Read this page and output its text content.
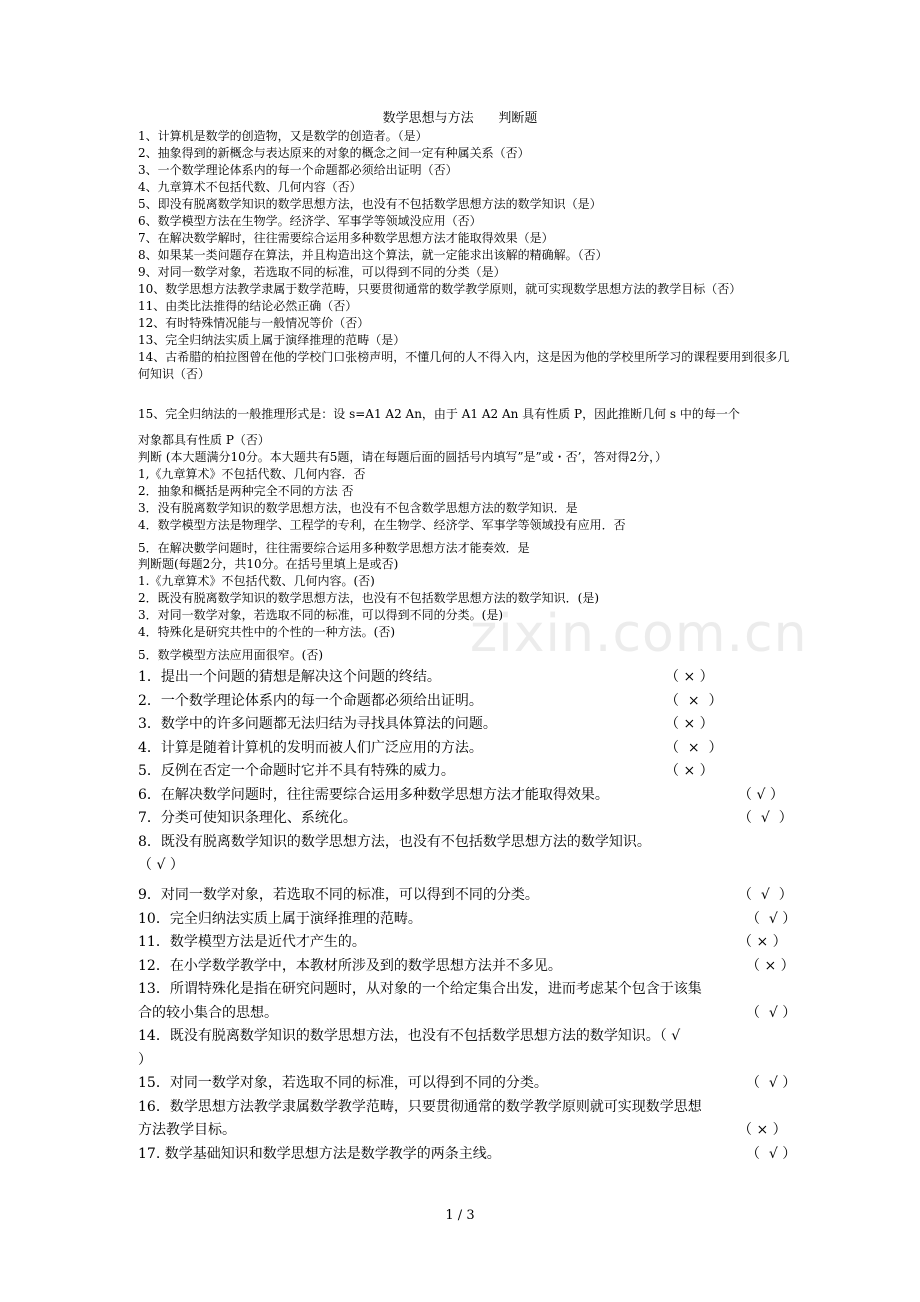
数学思想与方法      判断题

1、计算机是数学的创造物，又是数学的创造者。（是）

2、抽象得到的新概念与表达原来的对象的概念之间一定有种属关系（否）

3、一个数学理论体系内的每一个命题都必须给出证明（否）

4、九章算术不包括代数、几何内容（否）

5、即没有脱离数学知识的数学思想方法，也没有不包括数学思想方法的数学知识（是）

6、数学模型方法在生物学。经济学、军事学等领域没应用（否）

7、在解决数学解时，往往需要综合运用多种数学思想方法才能取得效果（是）

8、如果某一类问题存在算法，并且构造出这个算法，就一定能求出该解的精确解。（否）

9、对同一数学对象，若选取不同的标准，可以得到不同的分类（是）

10、数学思想方法教学隶属于数学范畴，只要贯彻通常的数学教学原则，就可实现数学思想方法的教学目标（否）

11、由类比法推得的结论必然正确（否）

12、有时特殊情况能与一般情况等价（否）

13、完全归纳法实质上属于演绎推理的范畴（是）

14、古希腊的柏拉图曾在他的学校门口张榜声明，不懂几何的人不得入内，这是因为他的学校里所学习的课程要用到很多几何知识（否）

15、完全归纳法的一般推理形式是：设 s=A1 A2 An，由于 A1 A2 An 具有性质 P，因此推断几何 s 中的每一个

对象都具有性质 P（否）

判断 (本大题满分10分。本大题共有5题，请在每题后面的圆括号内填写”是”或・否’，答对得2分，）

1,《九章算术》不包括代数、几何内容．否

2．抽象和概括是两种完全不同的方法 否

3．没有脱离数学知识的数学思想方法，也没有不包含数学思想方法的数学知识．是

4．数学模型方法是物理学、工程学的专利，在生物学、经济学、军事学等领域投有应用．否

5．在解决數学问题时，往往需要综合运用多种数学思想方法才能奏效．是

判断题(每题2分，共10分。在括号里填上是或否)

1.《九章算术》不包括代数、几何内容。(否)

2．既没有脱离数学知识的数学思想方法，也没有不包括数学思想方法的数学知识．(是)

3．对同一数学对象，若选取不同的标准，可以得到不同的分类。(是)

4．特殊化是研究共性中的个性的一种方法。(否)

5．数学模型方法应用面很窄。(否)

1．提出一个问题的猜想是解决这个问题的终结。	（ × ）

2．一个数学理论体系内的每一个命题都必须给出证明。	（  ×  ）

3．数学中的许多问题都无法归结为寻找具体算法的问题。	（ × ）

4．计算是随着计算机的发明而被人们广泛应用的方法。	（  ×  ）

5．反例在否定一个命题时它并不具有特殊的威力。	（ × ）

6．在解决数学问题时，往往需要综合运用多种数学思想方法才能取得效果。	（ √ ）

7．分类可使知识条理化、系统化。	（  √  ）

8．既没有脱离数学知识的数学思想方法，也没有不包括数学思想方法的数学知识。

（ √ ）

9．对同一数学对象，若选取不同的标准，可以得到不同的分类。	（  √  ）

10．完全归纳法实质上属于演绎推理的范畴。	（  √ ）

11．数学模型方法是近代才产生的。	（ × ）

12．在小学数学教学中，本教材所涉及到的数学思想方法并不多见。	（ × ）

13．所谓特殊化是指在研究问题时，从对象的一个给定集合出发，进而考虑某个包含于该集

合的较小集合的思想。	（  √ ）

14．既没有脱离数学知识的数学思想方法，也没有不包括数学思想方法的数学知识。（ √

）

15．对同一数学对象，若选取不同的标准，可以得到不同的分类。	（  √ ）

16．数学思想方法教学隶属数学教学范畴，只要贯彻通常的数学教学原则就可实现数学思想

方法教学目标。	（ × ）

17. 数学基础知识和数学思想方法是数学教学的两条主线。	（  √ ）

zixin.com.cn
1 / 3
